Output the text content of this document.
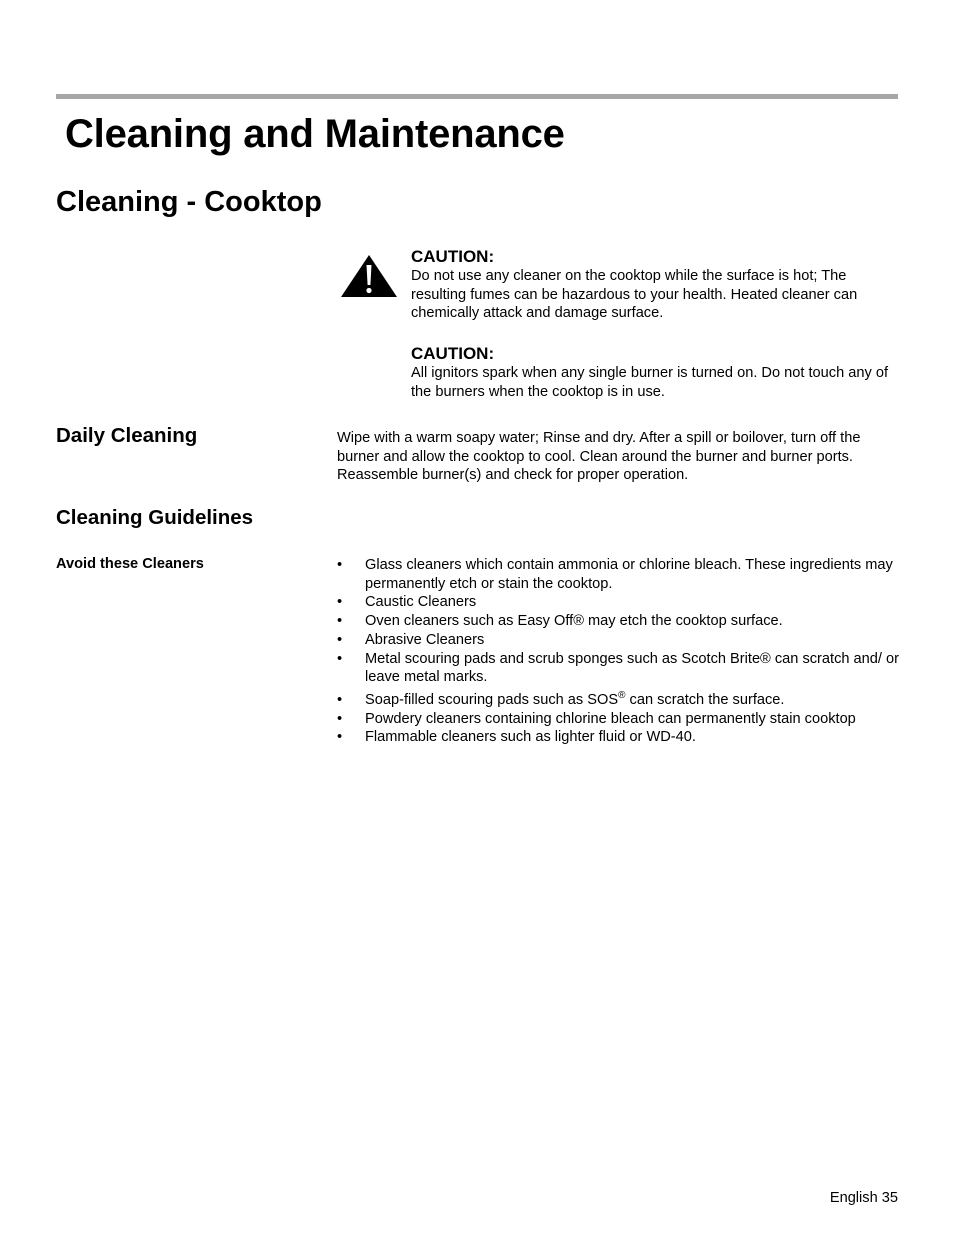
Cleaning and Maintenance
Cleaning - Cooktop
CAUTION:
Do not use any cleaner on the cooktop while the surface is hot; The resulting fumes can be hazardous to your health. Heated cleaner can chemically attack and damage surface.
CAUTION:
All ignitors spark when any single burner is turned on. Do not touch any of the burners when the cooktop is in use.
Daily Cleaning	Wipe with a warm soapy water; Rinse and dry. After a spill or boilover, turn off the burner and allow the cooktop to cool. Clean around the burner and burner ports. Reassemble burner(s) and check for proper operation.
Cleaning Guidelines
Avoid these Cleaners	• Glass cleaners which contain ammonia or chlorine bleach. These ingredients may permanently etch or stain the cooktop.
• Caustic Cleaners
• Oven cleaners such as Easy Off® may etch the cooktop surface.
• Abrasive Cleaners
• Metal scouring pads and scrub sponges such as Scotch Brite® can scratch and/ or leave metal marks.
• Soap-filled scouring pads such as SOS® can scratch the surface.
• Powdery cleaners containing chlorine bleach can permanently stain cooktop
• Flammable cleaners such as lighter fluid or WD-40.
English 35
